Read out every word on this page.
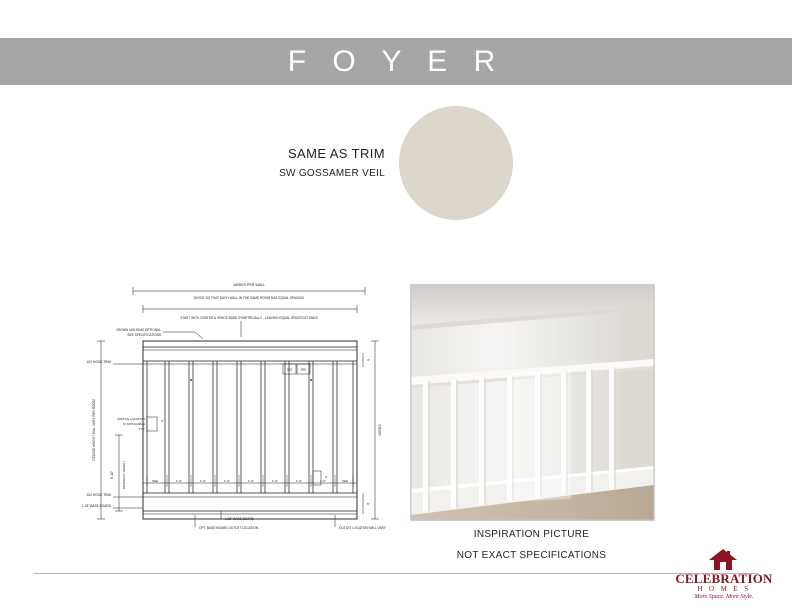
F O Y E R
SAME AS TRIM
SW GOSSAMER VEIL
VARIES PER WALL
DIVIDE SO THAT EACH WALL IN THE SAME ROOM HAS EQUAL SPACING
START WITH CENTER & SPACE BASE SYMETRICALLY - LEAVING EQUAL SPACES AT ENDS
CROWN MOLDING OPTIONAL
SEE SPECIFICATIONS
SEE	SEE
1X2 HOOD TRIM
SWITCH LOCATION
IF APPLICABLE
TYP.
4"
CEILING HEIGHT WILL VARY PER ROOM
8'-10"	WAINSCOT HEIGHT
VARIES
4"
6"
SEE	1'-0"	1'-0"	1'-0"	1'-0"	1'-0"	1'-0"	1'-0"	SEE
4"
1X2 HOOD TRIM
1.25" BASE BOARD
1.25" BASE BOARD
OPT. BASE BOARD OUTLET LOCATION	OUTLET LOCATION WILL VARY
INSPIRATION PICTURE
NOT EXACT SPECIFICATIONS
CELEBRATION
H O M E S
More Space. More Style.
